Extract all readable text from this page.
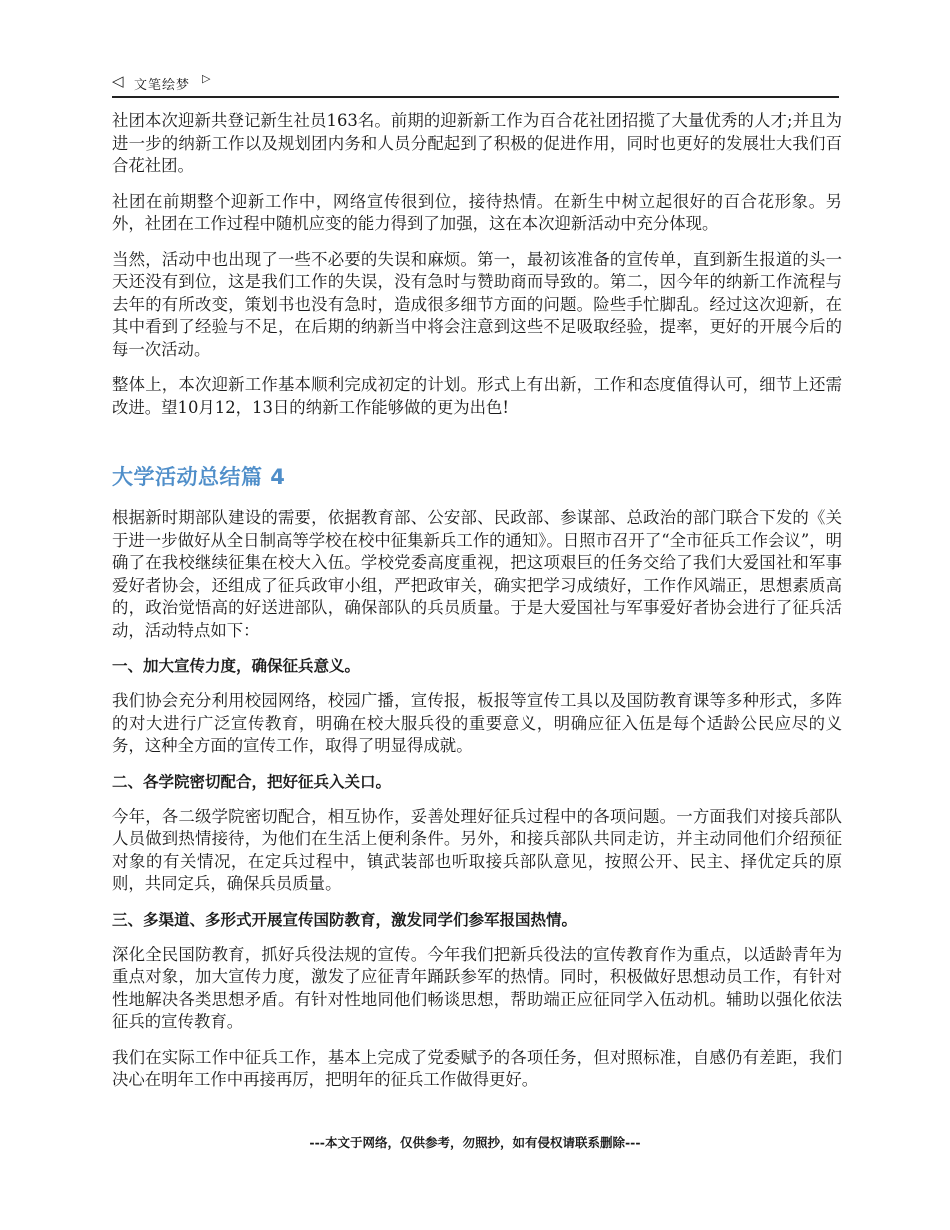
◁ 文笔绘梦 ▷

社团本次迎新共登记新生社员163名。前期的迎新新工作为百合花社团招揽了大量优秀的人才;并且为进一步的纳新工作以及规划团内务和人员分配起到了积极的促进作用，同时也更好的发展壮大我们百合花社团。

社团在前期整个迎新工作中，网络宣传很到位，接待热情。在新生中树立起很好的百合花形象。另外，社团在工作过程中随机应变的能力得到了加强，这在本次迎新活动中充分体现。

当然，活动中也出现了一些不必要的失误和麻烦。第一，最初该准备的宣传单，直到新生报道的头一天还没有到位，这是我们工作的失误，没有急时与赞助商而导致的。第二，因今年的纳新工作流程与去年的有所改变，策划书也没有急时，造成很多细节方面的问题。险些手忙脚乱。经过这次迎新，在其中看到了经验与不足，在后期的纳新当中将会注意到这些不足吸取经验，提率，更好的开展今后的每一次活动。

整体上，本次迎新工作基本顺利完成初定的计划。形式上有出新，工作和态度值得认可，细节上还需改进。望10月12，13日的纳新工作能够做的更为出色!

大学活动总结篇 4

根据新时期部队建设的需要，依据教育部、公安部、民政部、参谋部、总政治的部门联合下发的《关于进一步做好从全日制高等学校在校中征集新兵工作的通知》。日照市召开了“全市征兵工作会议”，明确了在我校继续征集在校大入伍。学校党委高度重视，把这项艰巨的任务交给了我们大爱国社和军事爱好者协会，还组成了征兵政审小组，严把政审关，确实把学习成绩好，工作作风端正，思想素质高的，政治觉悟高的好送进部队，确保部队的兵员质量。于是大爱国社与军事爱好者协会进行了征兵活动，活动特点如下：

一、加大宣传力度，确保征兵意义。

我们协会充分利用校园网络，校园广播，宣传报，板报等宣传工具以及国防教育课等多种形式，多阵的对大进行广泛宣传教育，明确在校大服兵役的重要意义，明确应征入伍是每个适龄公民应尽的义务，这种全方面的宣传工作，取得了明显得成就。

二、各学院密切配合，把好征兵入关口。

今年，各二级学院密切配合，相互协作，妥善处理好征兵过程中的各项问题。一方面我们对接兵部队人员做到热情接待，为他们在生活上便利条件。另外，和接兵部队共同走访，并主动同他们介绍预征对象的有关情况，在定兵过程中，镇武装部也听取接兵部队意见，按照公开、民主、择优定兵的原则，共同定兵，确保兵员质量。

三、多渠道、多形式开展宣传国防教育，激发同学们参军报国热情。

深化全民国防教育，抓好兵役法规的宣传。今年我们把新兵役法的宣传教育作为重点，以适龄青年为重点对象，加大宣传力度，激发了应征青年踊跃参军的热情。同时，积极做好思想动员工作，有针对性地解决各类思想矛盾。有针对性地同他们畅谈思想，帮助端正应征同学入伍动机。辅助以强化依法征兵的宣传教育。

我们在实际工作中征兵工作，基本上完成了党委赋予的各项任务，但对照标准，自感仍有差距，我们决心在明年工作中再接再厉，把明年的征兵工作做得更好。

---本文于网络，仅供参考，勿照抄，如有侵权请联系删除---
